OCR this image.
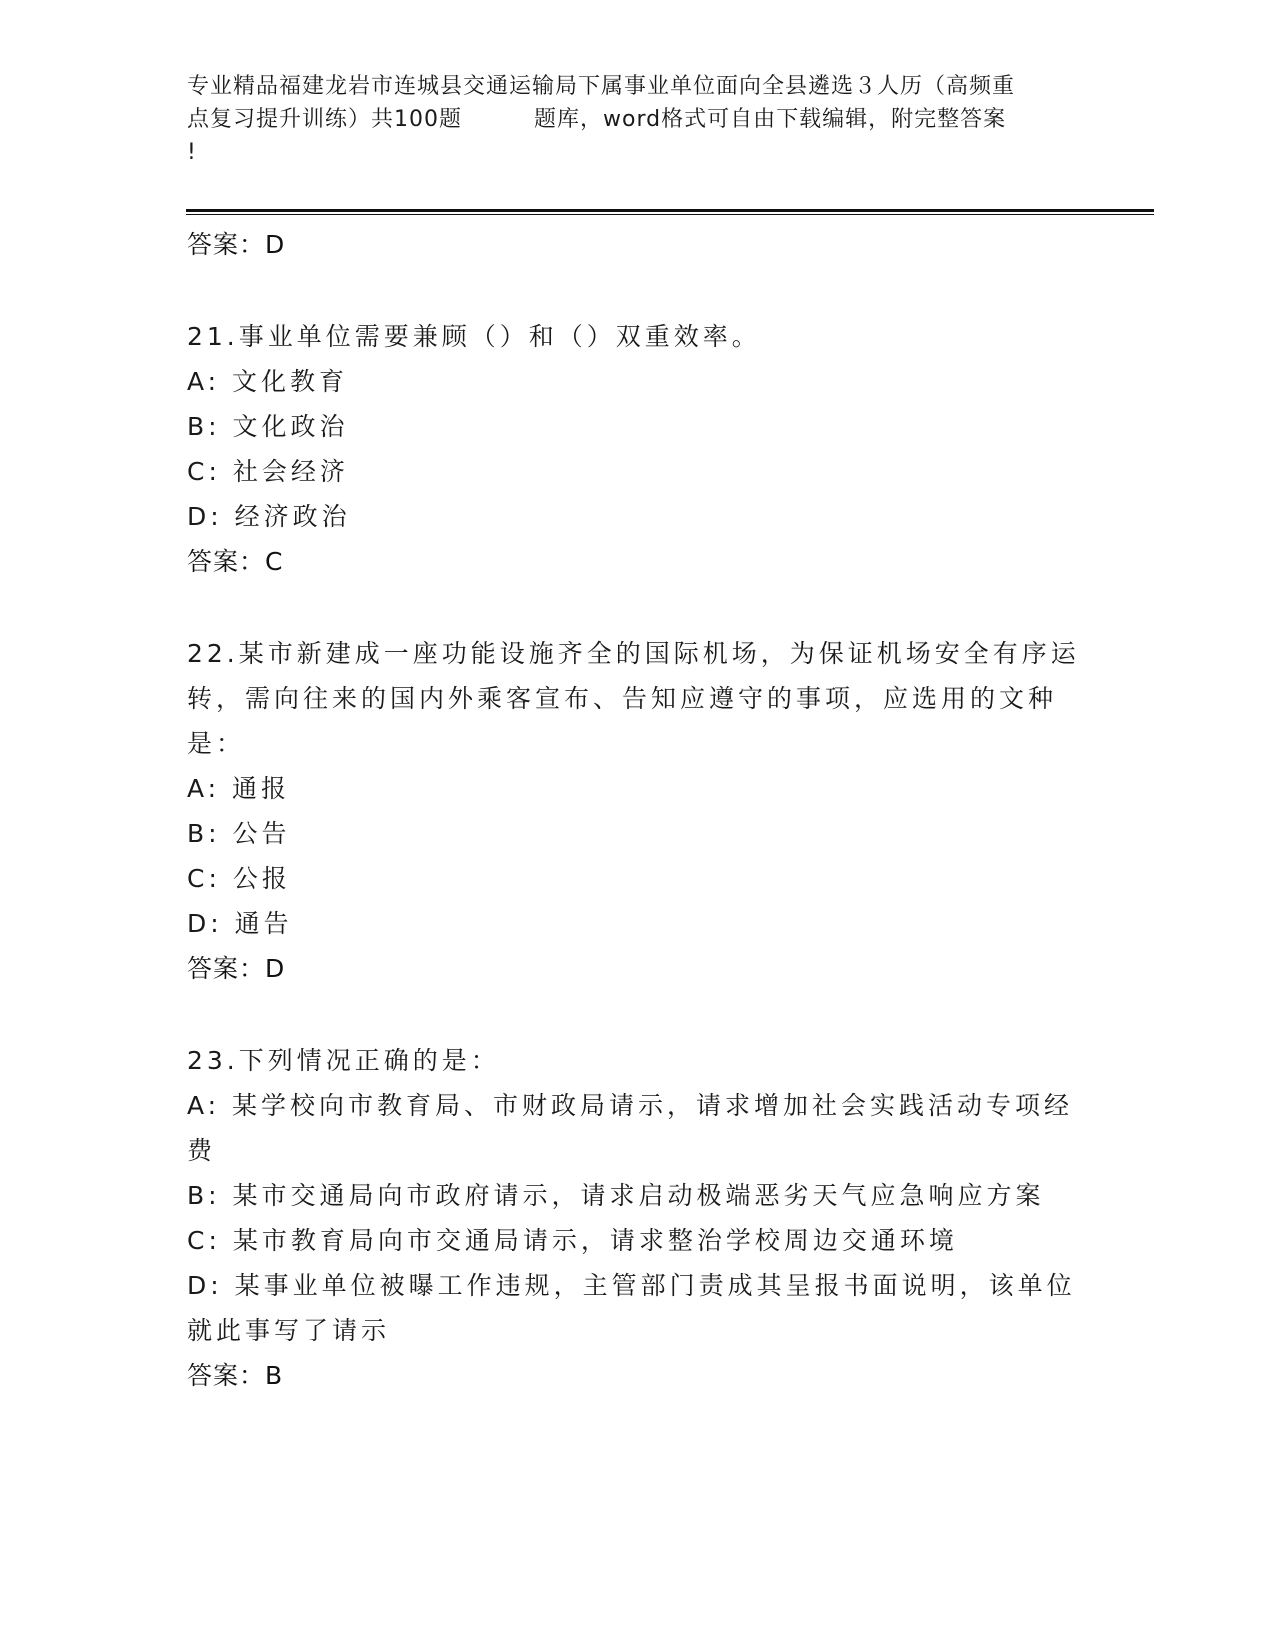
专业精品福建龙岩市连城县交通运输局下属事业单位面向全县遴选３人历（高频重
点复习提升训练）共100题	题库，word格式可自由下载编辑，附完整答案
!
答案：D
21.事业单位需要兼顾（）和（）双重效率。
A: 文化教育
B: 文化政治
C: 社会经济
D: 经济政治
答案：C
22.某市新建成一座功能设施齐全的国际机场，为保证机场安全有序运
转，需向往来的国内外乘客宣布、告知应遵守的事项，应选用的文种
是：
A: 通报
B: 公告
C: 公报
D: 通告
答案：D
23.下列情况正确的是：
A: 某学校向市教育局、市财政局请示，请求增加社会实践活动专项经
费
B: 某市交通局向市政府请示，请求启动极端恶劣天气应急响应方案
C: 某市教育局向市交通局请示，请求整治学校周边交通环境
D: 某事业单位被曝工作违规，主管部门责成其呈报书面说明，该单位
就此事写了请示
答案：B
